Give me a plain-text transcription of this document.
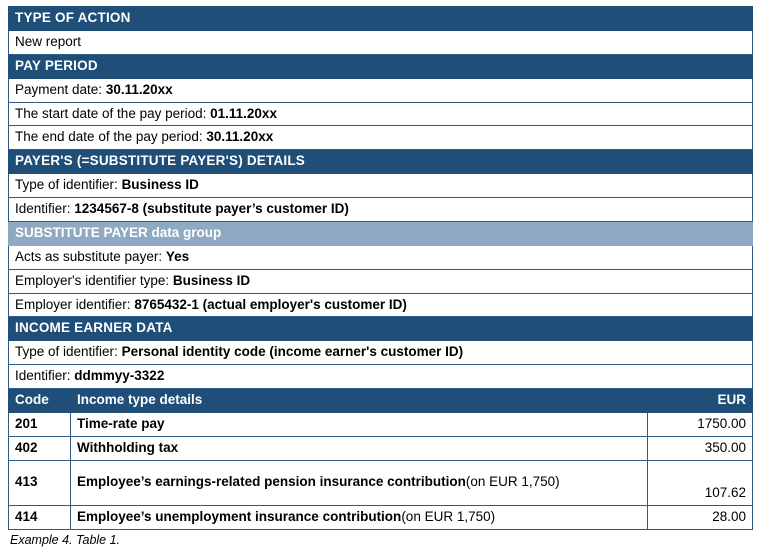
TYPE OF ACTION		
New report		
PAY PERIOD		
Payment date: 30.11.20xx		
The start date of the pay period: 01.11.20xx		
The end date of the pay period: 30.11.20xx		
PAYER'S (=SUBSTITUTE PAYER'S) DETAILS		
Type of identifier: Business ID		
Identifier: 1234567-8 (substitute payer’s customer ID)		
SUBSTITUTE PAYER data group		
Acts as substitute payer: Yes		
Employer's identifier type: Business ID		
Employer identifier: 8765432-1 (actual employer's customer ID)		
INCOME EARNER DATA		
Type of identifier: Personal identity code (income earner's customer ID)		
Identifier: ddmmyy-3322		
Code	Income type details	EUR
201	Time-rate pay	1750.00
402	Withholding tax	350.00
413	Employee’s earnings-related pension insurance contribution(on EUR 1,750)	107.62
414	Employee’s unemployment insurance contribution(on EUR 1,750)	28.00
Example 4. Table 1.
